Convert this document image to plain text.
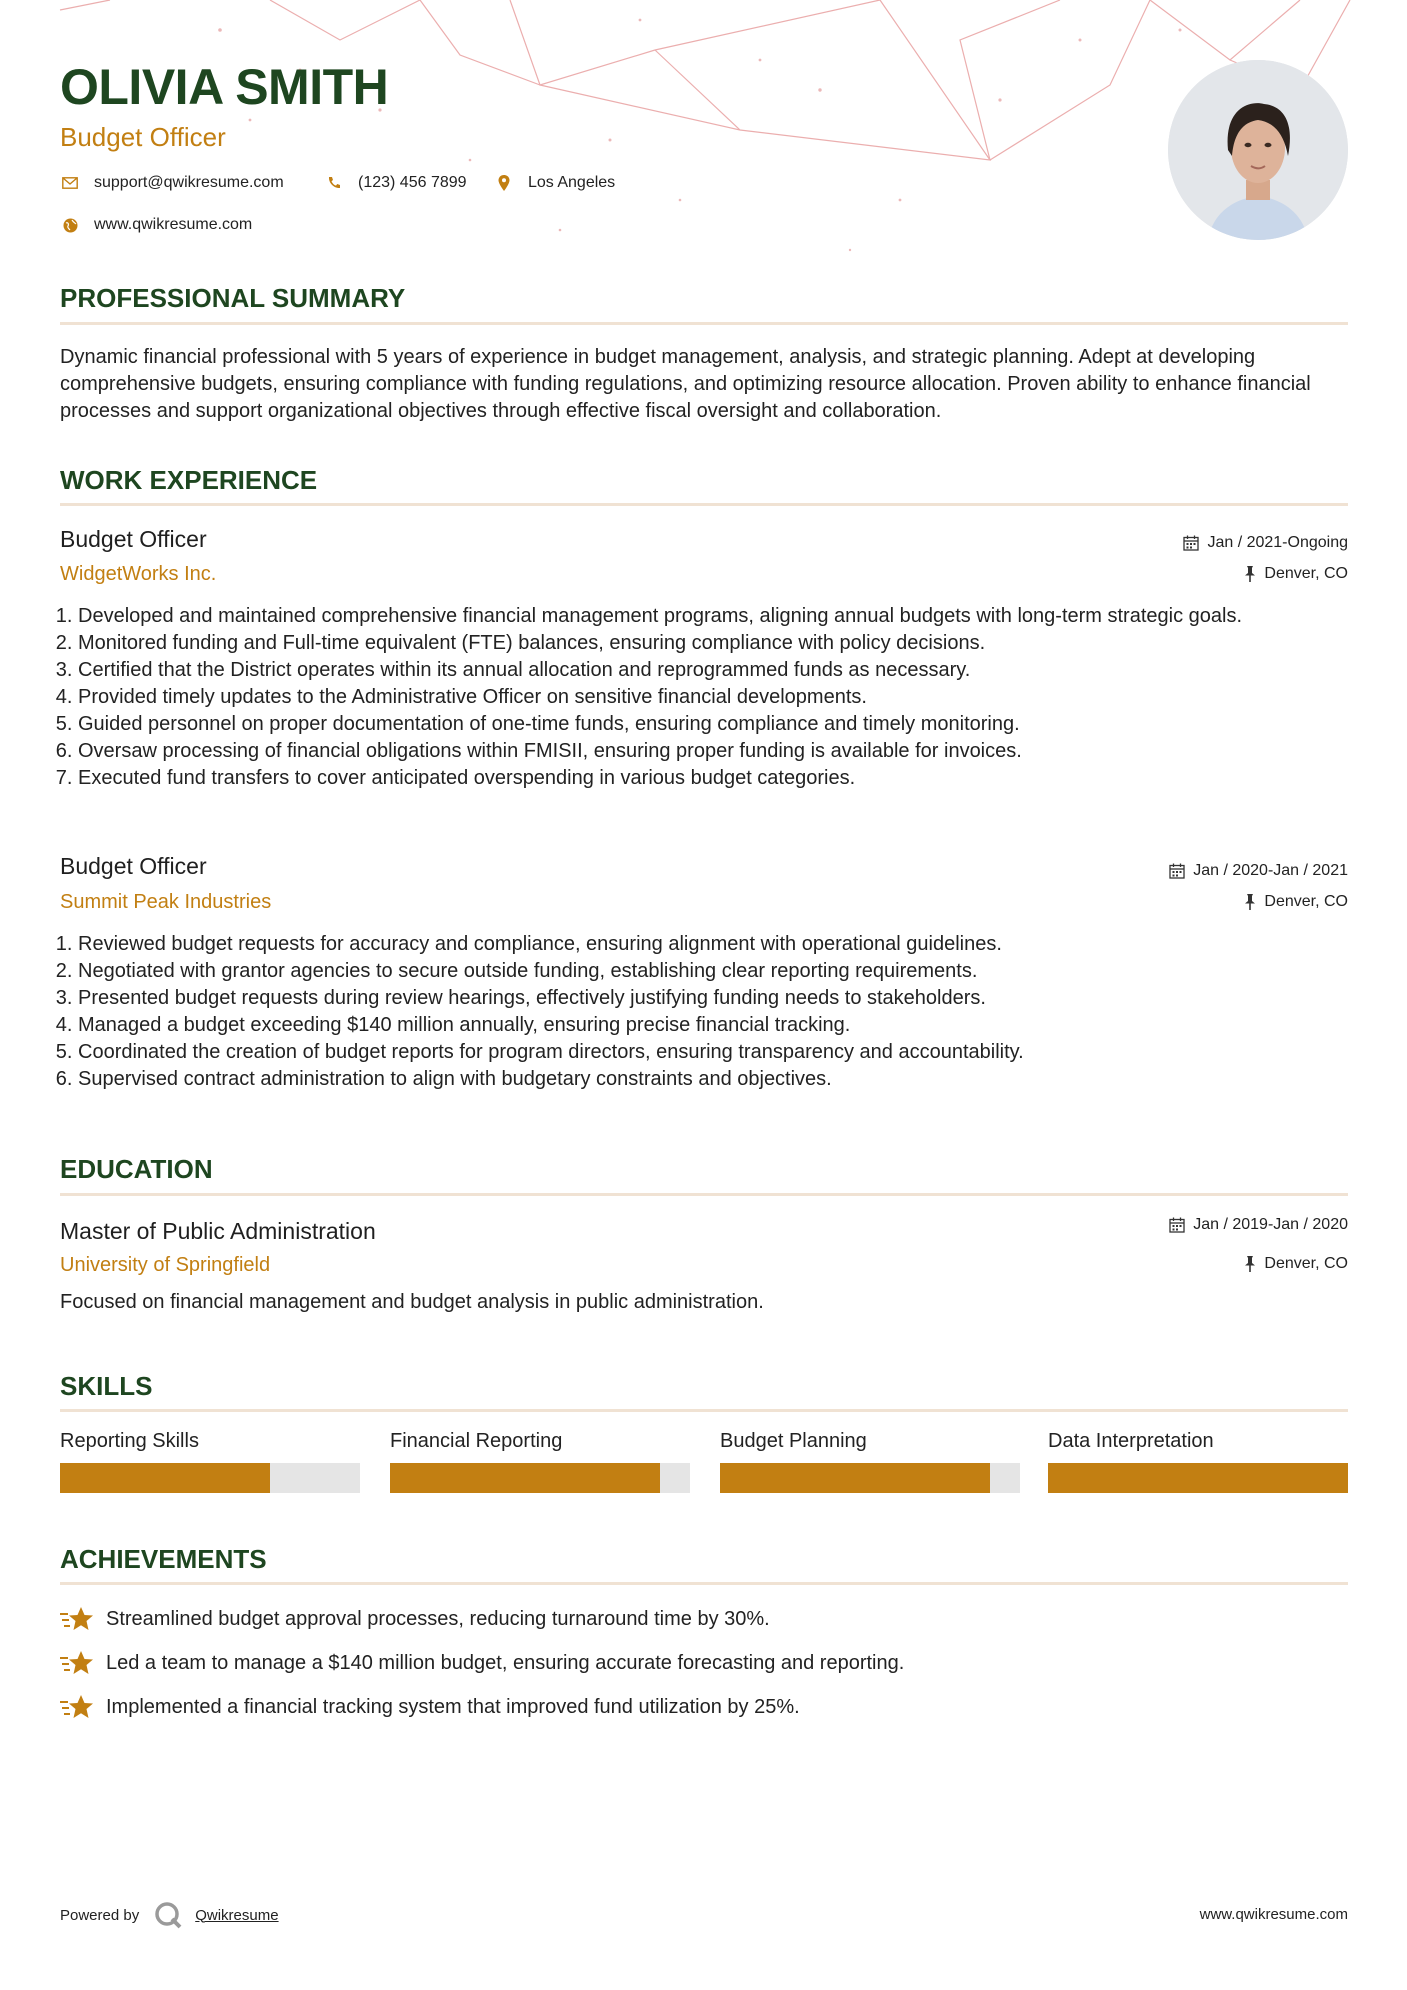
OLIVIA SMITH
Budget Officer
support@qwikresume.com	(123) 456 7899	Los Angeles
www.qwikresume.com
PROFESSIONAL SUMMARY
Dynamic financial professional with 5 years of experience in budget management, analysis, and strategic planning. Adept at developing comprehensive budgets, ensuring compliance with funding regulations, and optimizing resource allocation. Proven ability to enhance financial processes and support organizational objectives through effective fiscal oversight and collaboration.
WORK EXPERIENCE
Budget Officer
WidgetWorks Inc.
Jan / 2021-Ongoing
Denver, CO
1. Developed and maintained comprehensive financial management programs, aligning annual budgets with long-term strategic goals.
2. Monitored funding and Full-time equivalent (FTE) balances, ensuring compliance with policy decisions.
3. Certified that the District operates within its annual allocation and reprogrammed funds as necessary.
4. Provided timely updates to the Administrative Officer on sensitive financial developments.
5. Guided personnel on proper documentation of one-time funds, ensuring compliance and timely monitoring.
6. Oversaw processing of financial obligations within FMISII, ensuring proper funding is available for invoices.
7. Executed fund transfers to cover anticipated overspending in various budget categories.
Budget Officer
Summit Peak Industries
Jan / 2020-Jan / 2021
Denver, CO
1. Reviewed budget requests for accuracy and compliance, ensuring alignment with operational guidelines.
2. Negotiated with grantor agencies to secure outside funding, establishing clear reporting requirements.
3. Presented budget requests during review hearings, effectively justifying funding needs to stakeholders.
4. Managed a budget exceeding $140 million annually, ensuring precise financial tracking.
5. Coordinated the creation of budget reports for program directors, ensuring transparency and accountability.
6. Supervised contract administration to align with budgetary constraints and objectives.
EDUCATION
Master of Public Administration
University of Springfield
Jan / 2019-Jan / 2020
Denver, CO
Focused on financial management and budget analysis in public administration.
SKILLS
Reporting Skills	Financial Reporting	Budget Planning	Data Interpretation
ACHIEVEMENTS
Streamlined budget approval processes, reducing turnaround time by 30%.
Led a team to manage a $140 million budget, ensuring accurate forecasting and reporting.
Implemented a financial tracking system that improved fund utilization by 25%.
Powered by	Qwikresume	www.qwikresume.com
